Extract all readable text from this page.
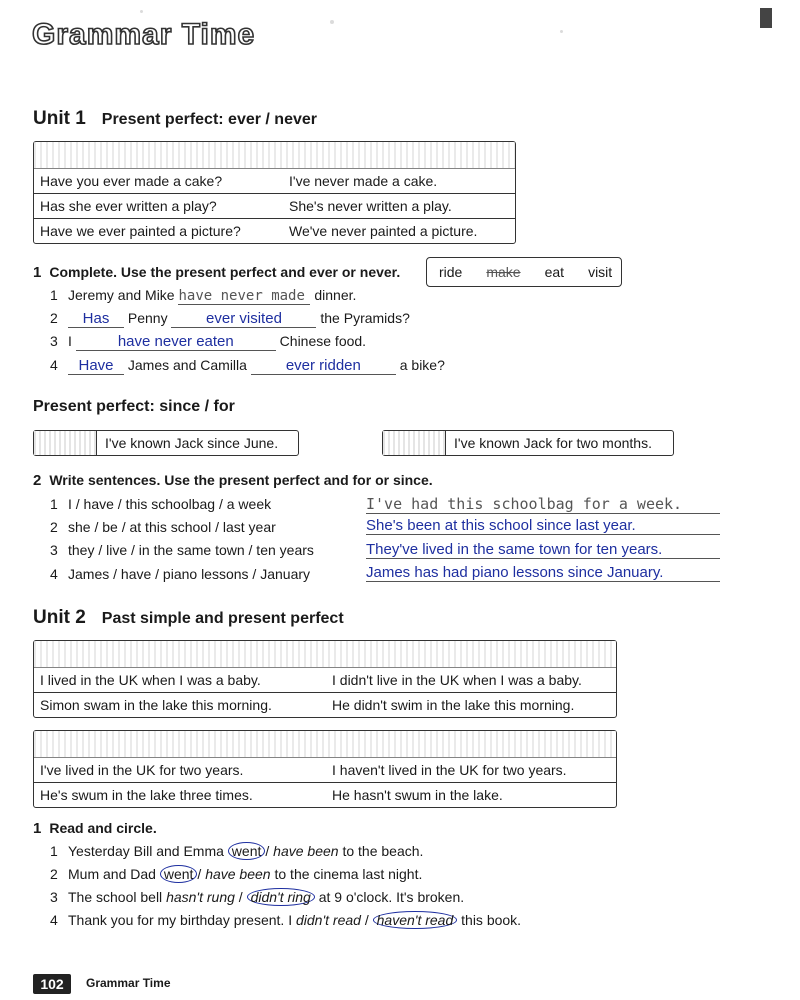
Grammar Time
Unit 1 Present perfect: ever / never
Have you ever made a cake?	I've never made a cake.
Has she ever written a play?	She's never written a play.
Have we ever painted a picture?	We've never painted a picture.
1 Complete. Use the present perfect and ever or never.	ride make eat visit
1 Jeremy and Mike have never made dinner.
2 Has Penny	ever visited	the Pyramids?
3 I	have never eaten	Chinese food.
4 Have James and Camilla	ever ridden	a bike?
Present perfect: since / for
I've known Jack since June.	I've known Jack for two months.
2 Write sentences. Use the present perfect and for or since.
1 I / have / this schoolbag / a week	I've had this schoolbag for a week.
2 she / be / at this school / last year	She's been at this school since last year.
3 they / live / in the same town / ten years	They've lived in the same town for ten years.
4 James / have / piano lessons / January	James has had piano lessons since January.
Unit 2 Past simple and present perfect
I lived in the UK when I was a baby.	I didn't live in the UK when I was a baby.
Simon swam in the lake this morning.	He didn't swim in the lake this morning.
I've lived in the UK for two years.	I haven't lived in the UK for two years.
He's swum in the lake three times.	He hasn't swum in the lake.
1 Read and circle.
1 Yesterday Bill and Emma went / have been to the beach.
2 Mum and Dad went / have been to the cinema last night.
3 The school bell hasn't rung / didn't ring at 9 o'clock. It's broken.
4 Thank you for my birthday present. I didn't read / haven't read this book.
102	Grammar Time
